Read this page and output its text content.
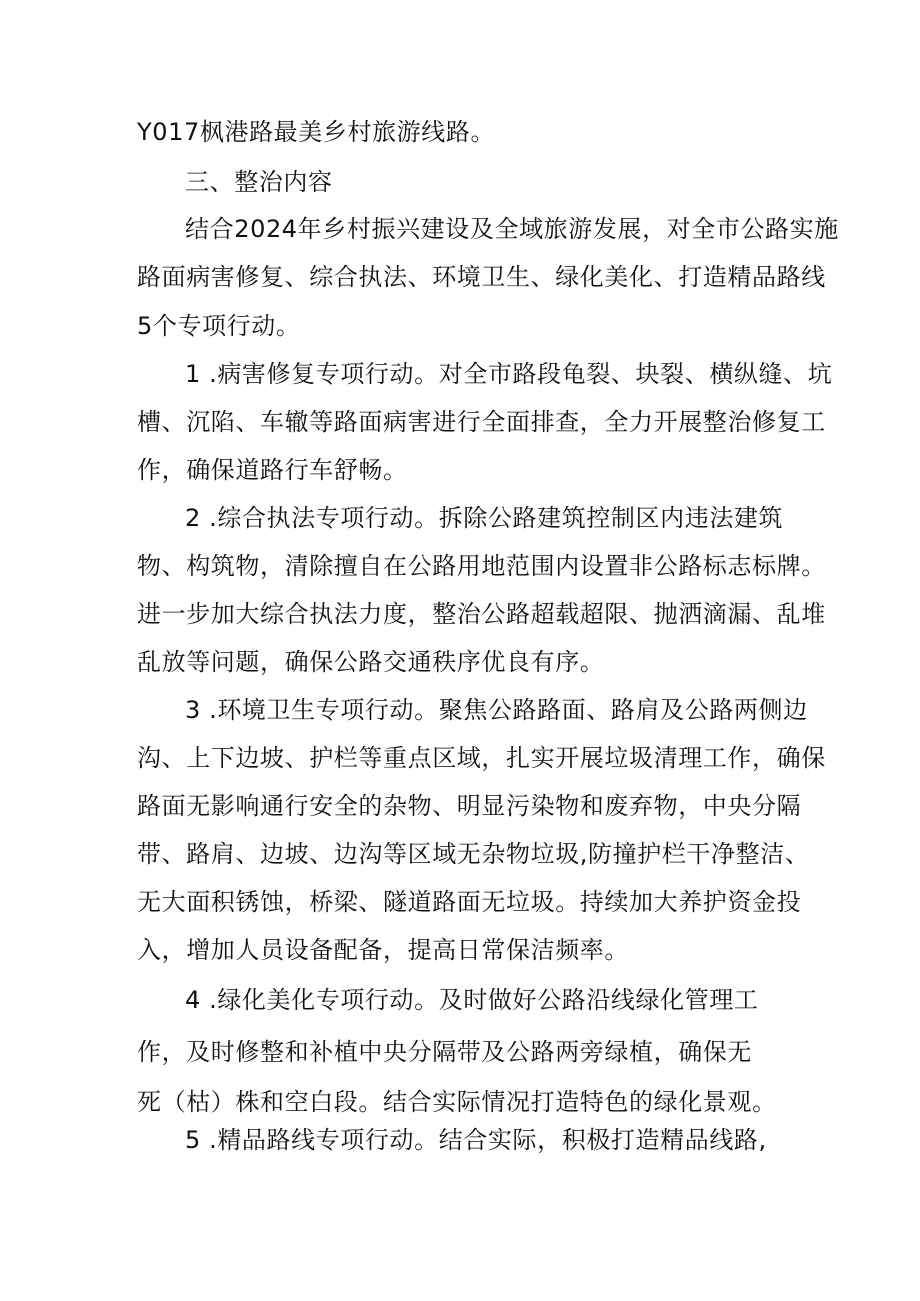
Y017枫港路最美乡村旅游线路。
三、整治内容
结合2024年乡村振兴建设及全域旅游发展，对全市公路实施
路面病害修复、综合执法、环境卫生、绿化美化、打造精品路线
5个专项行动。
1 .病害修复专项行动。对全市路段龟裂、块裂、横纵缝、坑
槽、沉陷、车辙等路面病害进行全面排查，全力开展整治修复工
作，确保道路行车舒畅。
2 .综合执法专项行动。拆除公路建筑控制区内违法建筑
物、构筑物，清除擅自在公路用地范围内设置非公路标志标牌。
进一步加大综合执法力度，整治公路超载超限、抛洒滴漏、乱堆
乱放等问题，确保公路交通秩序优良有序。
3 .环境卫生专项行动。聚焦公路路面、路肩及公路两侧边
沟、上下边坡、护栏等重点区域，扎实开展垃圾清理工作，确保
路面无影响通行安全的杂物、明显污染物和废弃物，中央分隔
带、路肩、边坡、边沟等区域无杂物垃圾,防撞护栏干净整洁、
无大面积锈蚀，桥梁、隧道路面无垃圾。持续加大养护资金投
入，增加人员设备配备，提高日常保洁频率。
4 .绿化美化专项行动。及时做好公路沿线绿化管理工
作，及时修整和补植中央分隔带及公路两旁绿植，确保无
死（枯）株和空白段。结合实际情况打造特色的绿化景观。
5 .精品路线专项行动。结合实际，积极打造精品线路,
